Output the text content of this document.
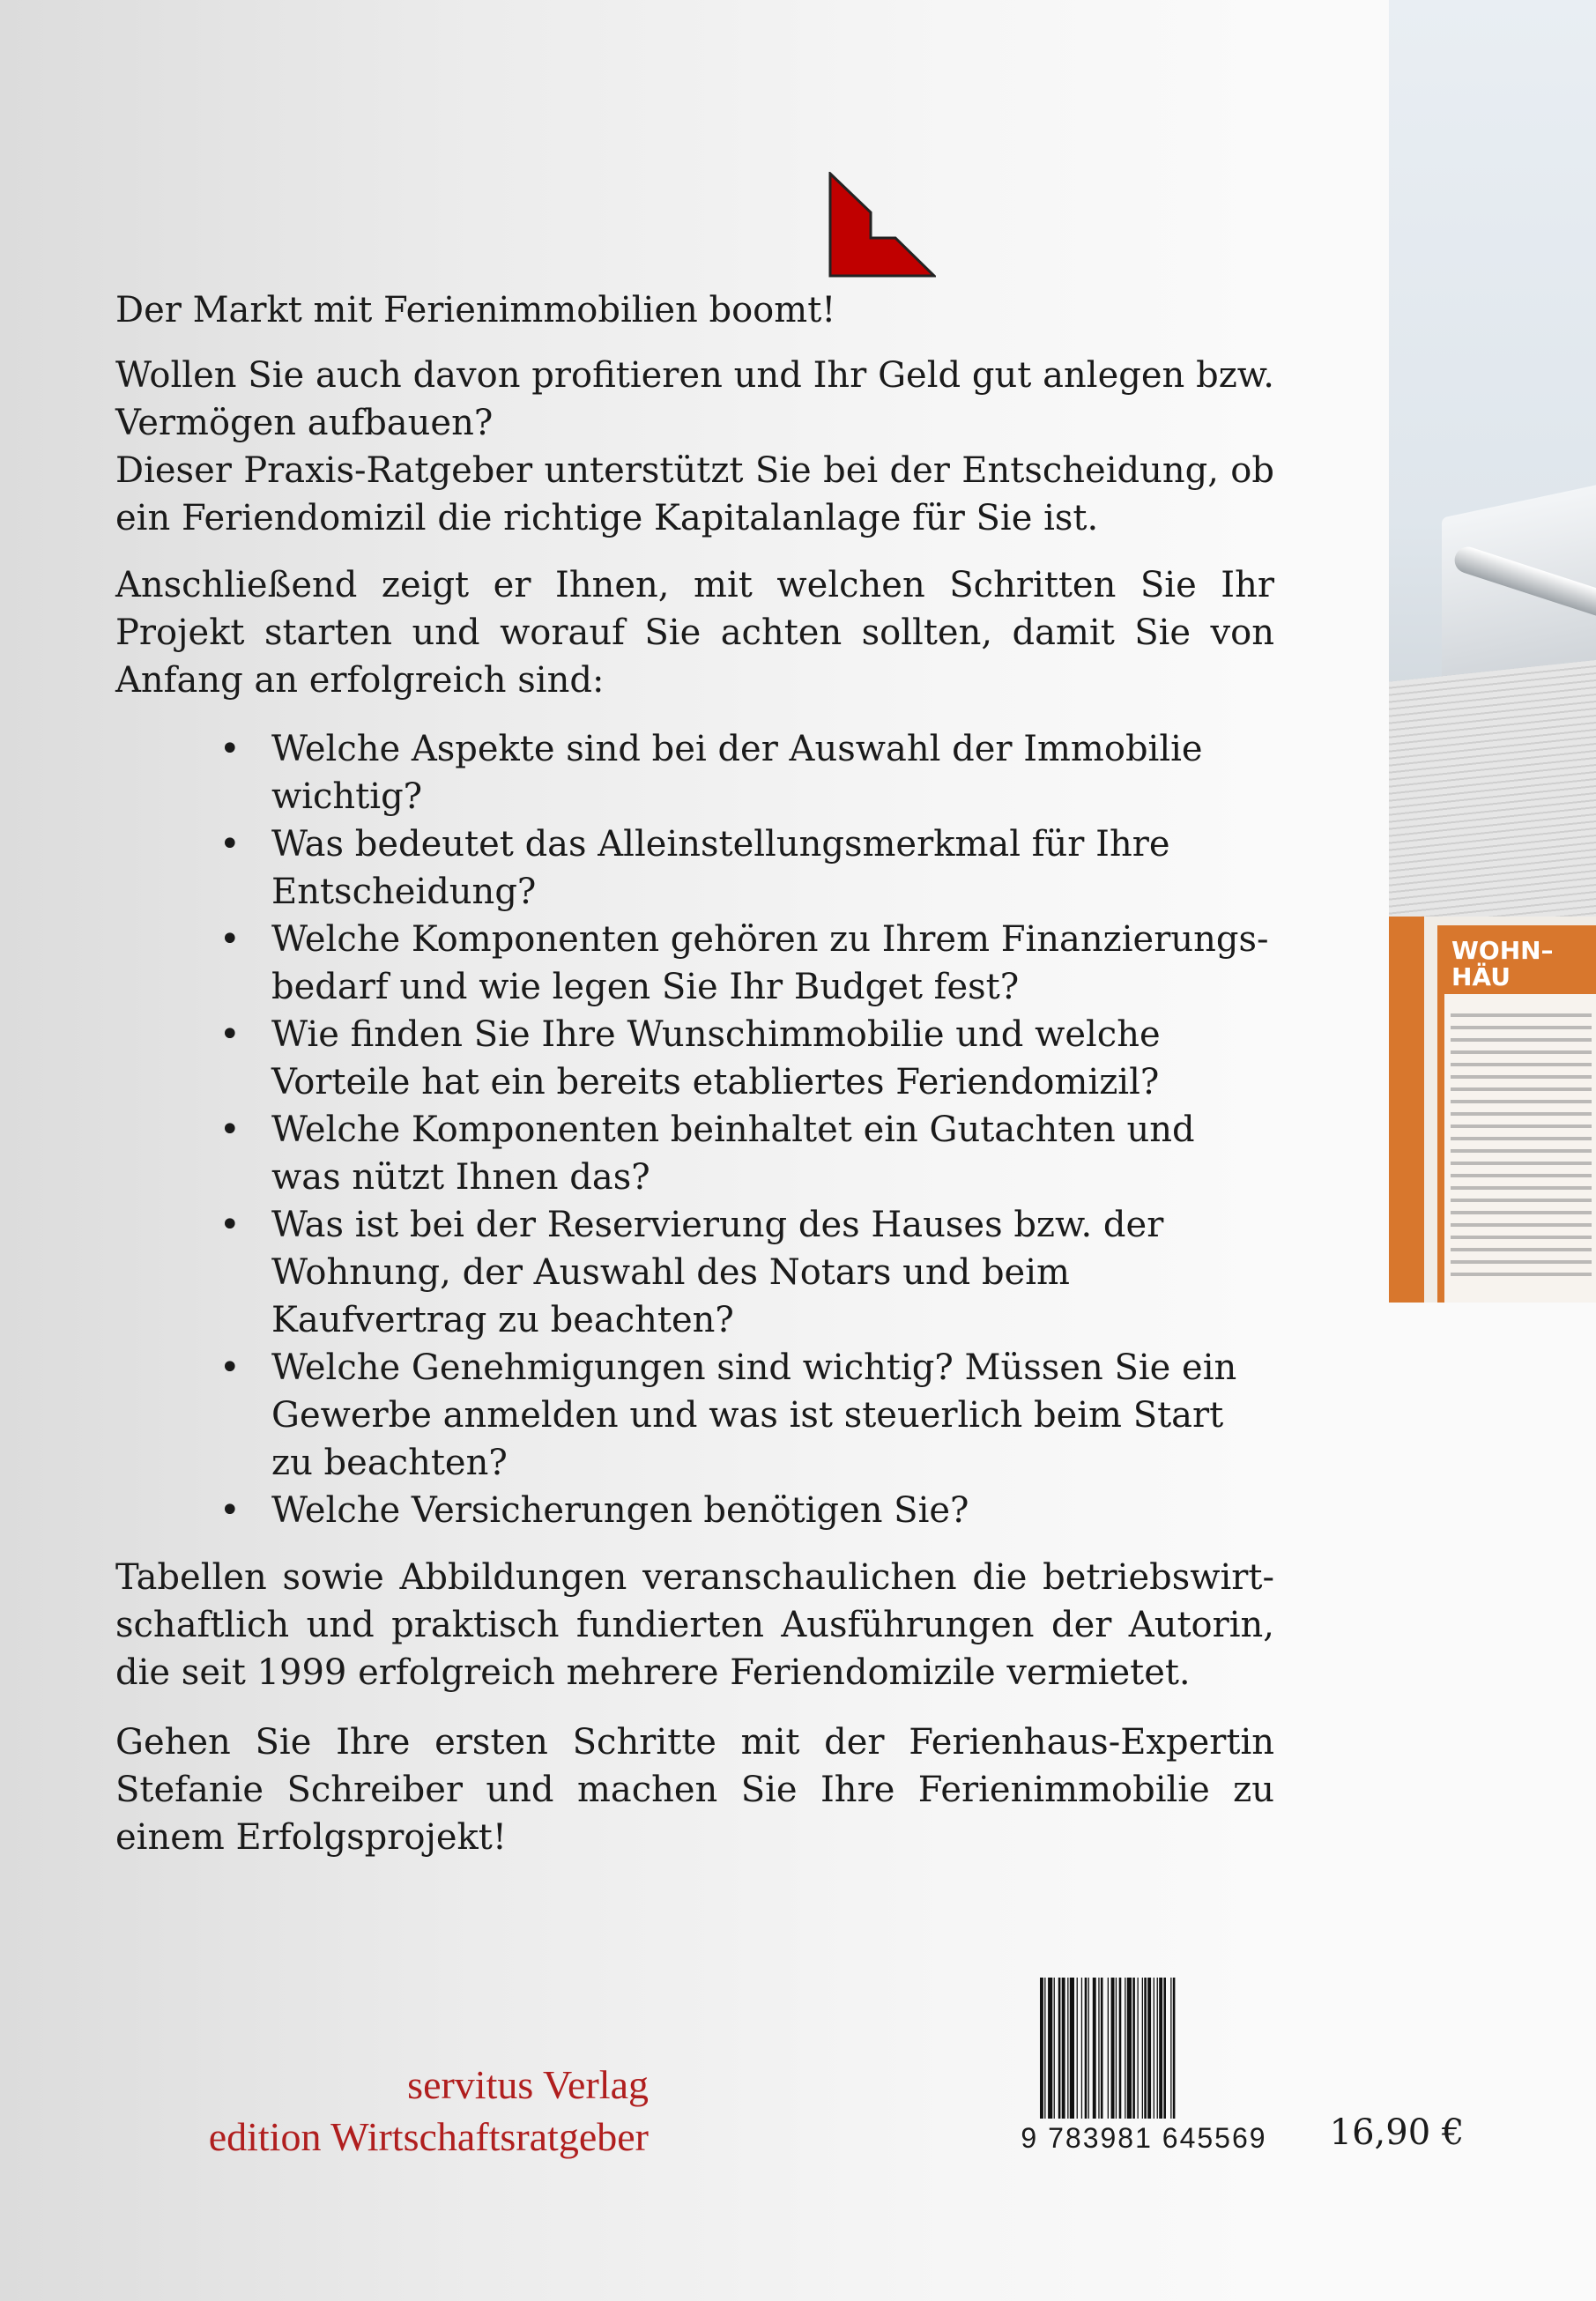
WOHN–HÄU

Der Markt mit Ferienimmobilien boomt!

Wollen Sie auch davon profitieren und Ihr Geld gut anlegen bzw. Vermögen aufbauen?

Dieser Praxis-Ratgeber unterstützt Sie bei der Entscheidung, ob ein Feriendomizil die richtige Kapitalanlage für Sie ist.

Anschließend zeigt er Ihnen, mit welchen Schritten Sie Ihr Projekt starten und worauf Sie achten sollten, damit Sie von Anfang an erfolgreich sind:

• Welche Aspekte sind bei der Auswahl der Immobilie wichtig?
• Was bedeutet das Alleinstellungsmerkmal für Ihre Entscheidung?
• Welche Komponenten gehören zu Ihrem Finanzierungs-bedarf und wie legen Sie Ihr Budget fest?
• Wie finden Sie Ihre Wunschimmobilie und welche Vorteile hat ein bereits etabliertes Feriendomizil?
• Welche Komponenten beinhaltet ein Gutachten und was nützt Ihnen das?
• Was ist bei der Reservierung des Hauses bzw. der Wohnung, der Auswahl des Notars und beim Kaufvertrag zu beachten?
• Welche Genehmigungen sind wichtig? Müssen Sie ein Gewerbe anmelden und was ist steuerlich beim Start zu beachten?
• Welche Versicherungen benötigen Sie?

Tabellen sowie Abbildungen veranschaulichen die betriebswirt-schaftlich und praktisch fundierten Ausführungen der Autorin, die seit 1999 erfolgreich mehrere Feriendomizile vermietet.

Gehen Sie Ihre ersten Schritte mit der Ferienhaus-Expertin Stefanie Schreiber und machen Sie Ihre Ferienimmobilie zu einem Erfolgsprojekt!

servitus Verlag
edition Wirtschaftsratgeber	9 783981 645569 16,90 €
